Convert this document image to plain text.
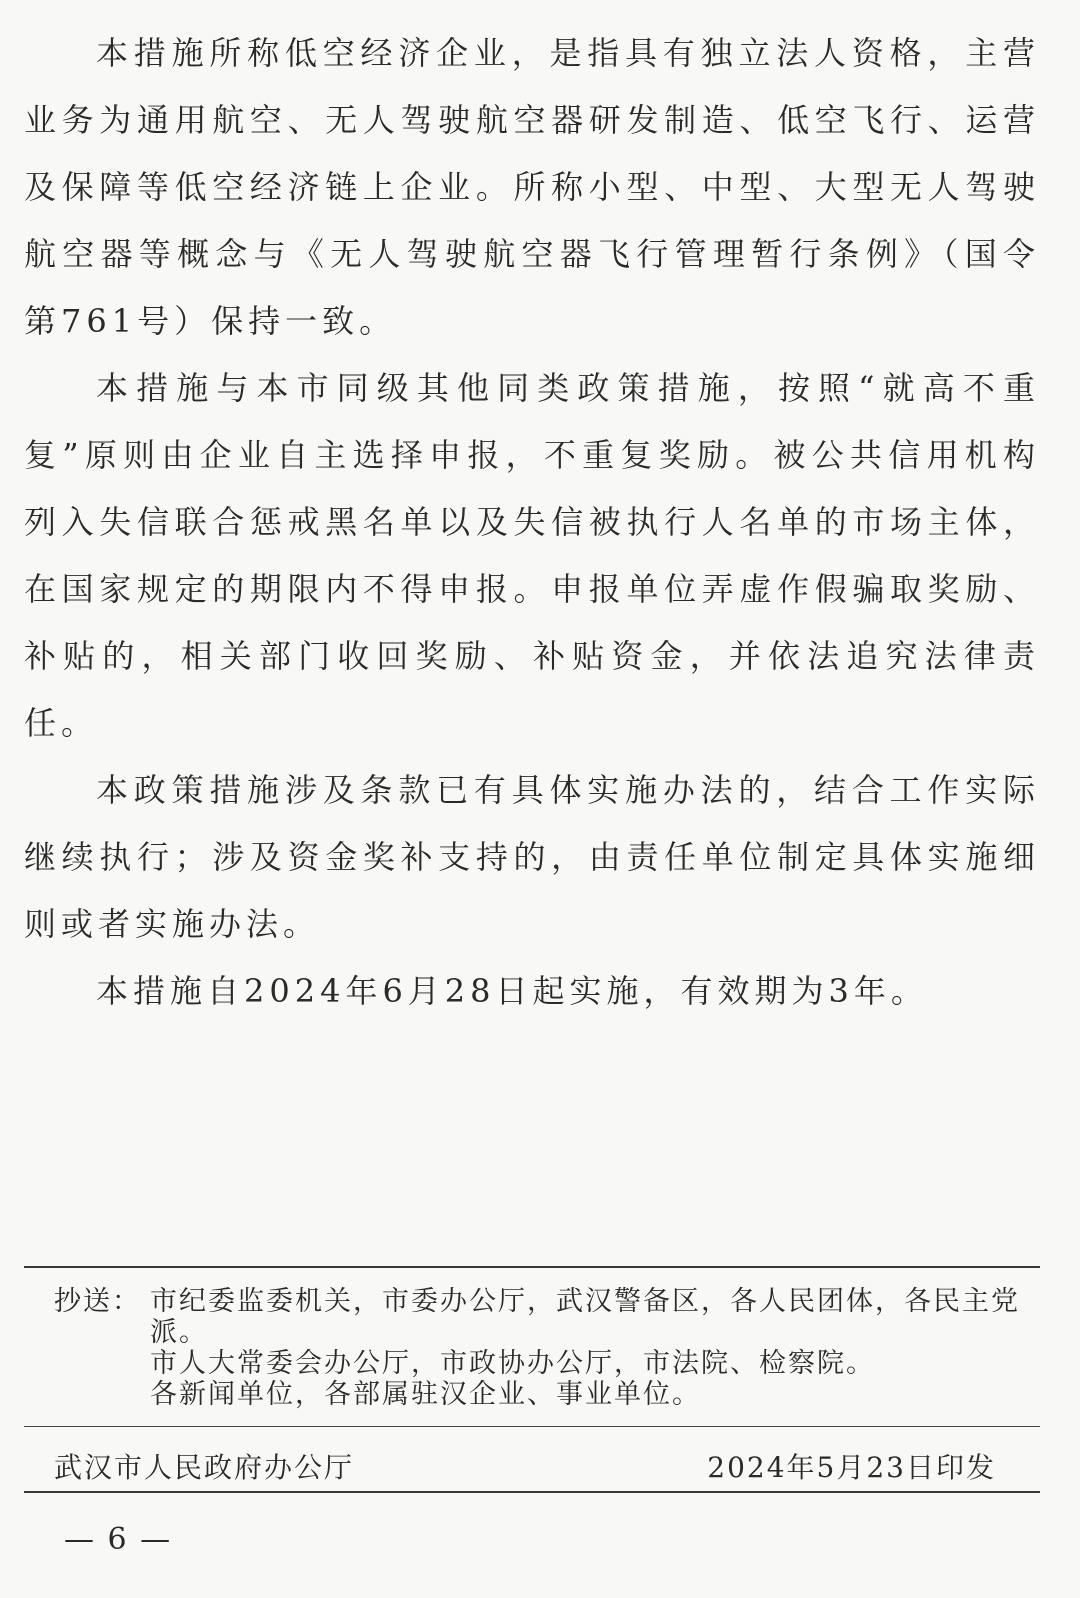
本措施所称低空经济企业，是指具有独立法人资格，主营业务为通用航空、无人驾驶航空器研发制造、低空飞行、运营及保障等低空经济链上企业。所称小型、中型、大型无人驾驶航空器等概念与《无人驾驶航空器飞行管理暂行条例》（国令第761号）保持一致。

本措施与本市同级其他同类政策措施，按照“就高不重复”原则由企业自主选择申报，不重复奖励。被公共信用机构列入失信联合惩戒黑名单以及失信被执行人名单的市场主体，在国家规定的期限内不得申报。申报单位弄虚作假骗取奖励、补贴的，相关部门收回奖励、补贴资金，并依法追究法律责任。

本政策措施涉及条款已有具体实施办法的，结合工作实际继续执行；涉及资金奖补支持的，由责任单位制定具体实施细则或者实施办法。

本措施自2024年6月28日起实施，有效期为3年。

抄送： 市纪委监委机关，市委办公厅，武汉警备区，各人民团体，各民主党派。
市人大常委会办公厅，市政协办公厅，市法院、检察院。
各新闻单位，各部属驻汉企业、事业单位。
武汉市人民政府办公厅	2024年5月23日印发
— 6 —
